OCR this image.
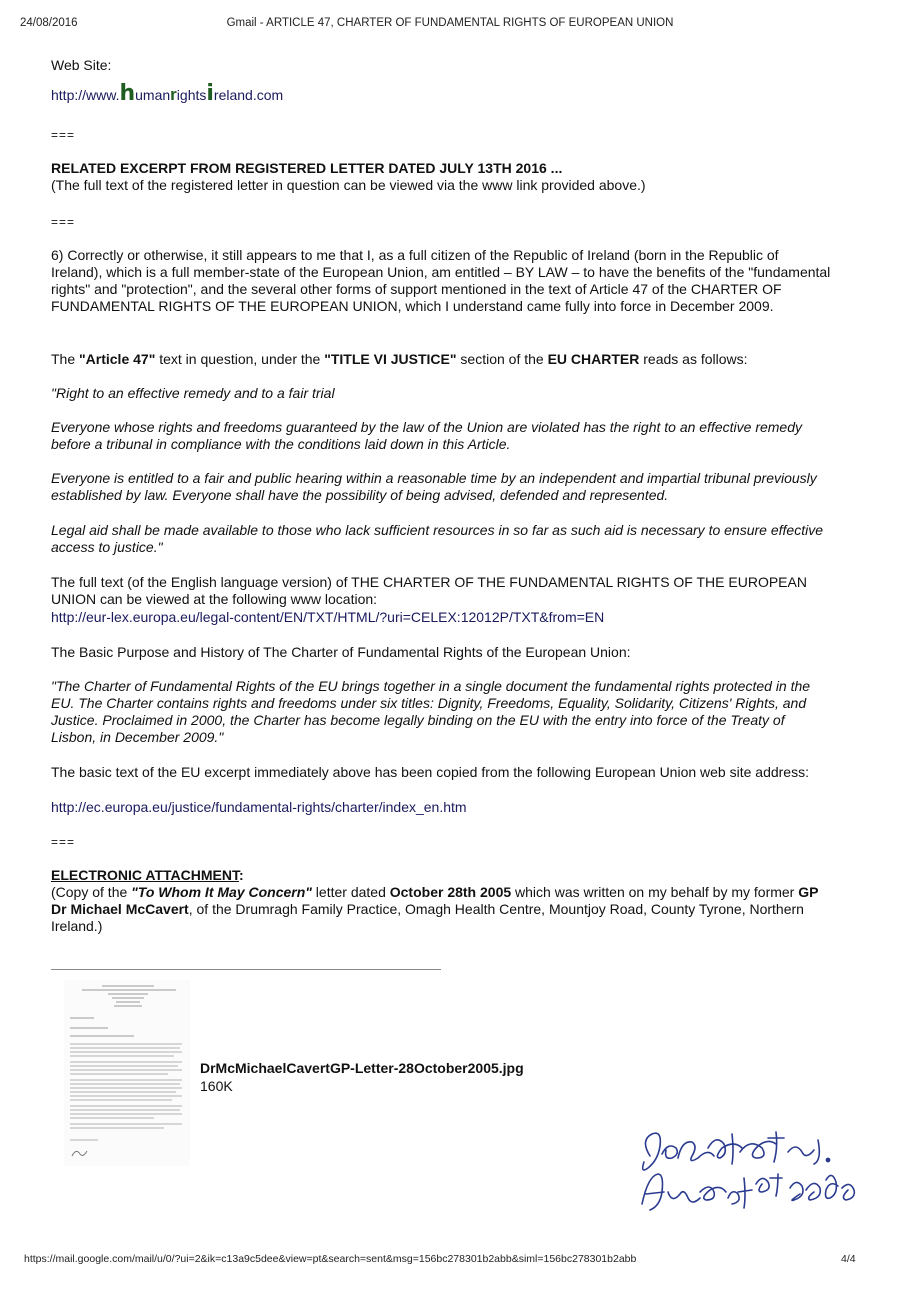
24/08/2016	Gmail - ARTICLE 47, CHARTER OF FUNDAMENTAL RIGHTS OF EUROPEAN UNION
Web Site:
http://www.humanrightsireland.com
===
RELATED EXCERPT FROM REGISTERED LETTER DATED JULY 13TH 2016 ...
(The full text of the registered letter in question can be viewed via the www link provided above.)
===
6) Correctly or otherwise, it still appears to me that I, as a full citizen of the Republic of Ireland (born in the Republic of Ireland), which is a full member-state of the European Union, am entitled – BY LAW – to have the benefits of the "fundamental rights" and "protection", and the several other forms of support mentioned in the text of Article 47 of the CHARTER OF FUNDAMENTAL RIGHTS OF THE EUROPEAN UNION, which I understand came fully into force in December 2009.
The "Article 47" text in question, under the "TITLE VI JUSTICE" section of the EU CHARTER reads as follows:
"Right to an effective remedy and to a fair trial
Everyone whose rights and freedoms guaranteed by the law of the Union are violated has the right to an effective remedy before a tribunal in compliance with the conditions laid down in this Article.
Everyone is entitled to a fair and public hearing within a reasonable time by an independent and impartial tribunal previously established by law. Everyone shall have the possibility of being advised, defended and represented.
Legal aid shall be made available to those who lack sufficient resources in so far as such aid is necessary to ensure effective access to justice."
The full text (of the English language version) of THE CHARTER OF THE FUNDAMENTAL RIGHTS OF THE EUROPEAN UNION can be viewed at the following www location:
http://eur-lex.europa.eu/legal-content/EN/TXT/HTML/?uri=CELEX:12012P/TXT&from=EN
The Basic Purpose and History of The Charter of Fundamental Rights of the European Union:
"The Charter of Fundamental Rights of the EU brings together in a single document the fundamental rights protected in the EU. The Charter contains rights and freedoms under six titles: Dignity, Freedoms, Equality, Solidarity, Citizens' Rights, and Justice. Proclaimed in 2000, the Charter has become legally binding on the EU with the entry into force of the Treaty of Lisbon, in December 2009."
The basic text of the EU excerpt immediately above has been copied from the following European Union web site address:
http://ec.europa.eu/justice/fundamental-rights/charter/index_en.htm
===
ELECTRONIC ATTACHMENT:
(Copy of the "To Whom It May Concern" letter dated October 28th 2005 which was written on my behalf by my former GP Dr Michael McCavert, of the Drumragh Family Practice, Omagh Health Centre, Mountjoy Road, County Tyrone, Northern Ireland.)
DrMcMichaelCavertGP-Letter-28October2005.jpg
160K
https://mail.google.com/mail/u/0/?ui=2&ik=c13a9c5dee&view=pt&search=sent&msg=156bc278301b2abb&siml=156bc278301b2abb	4/4
